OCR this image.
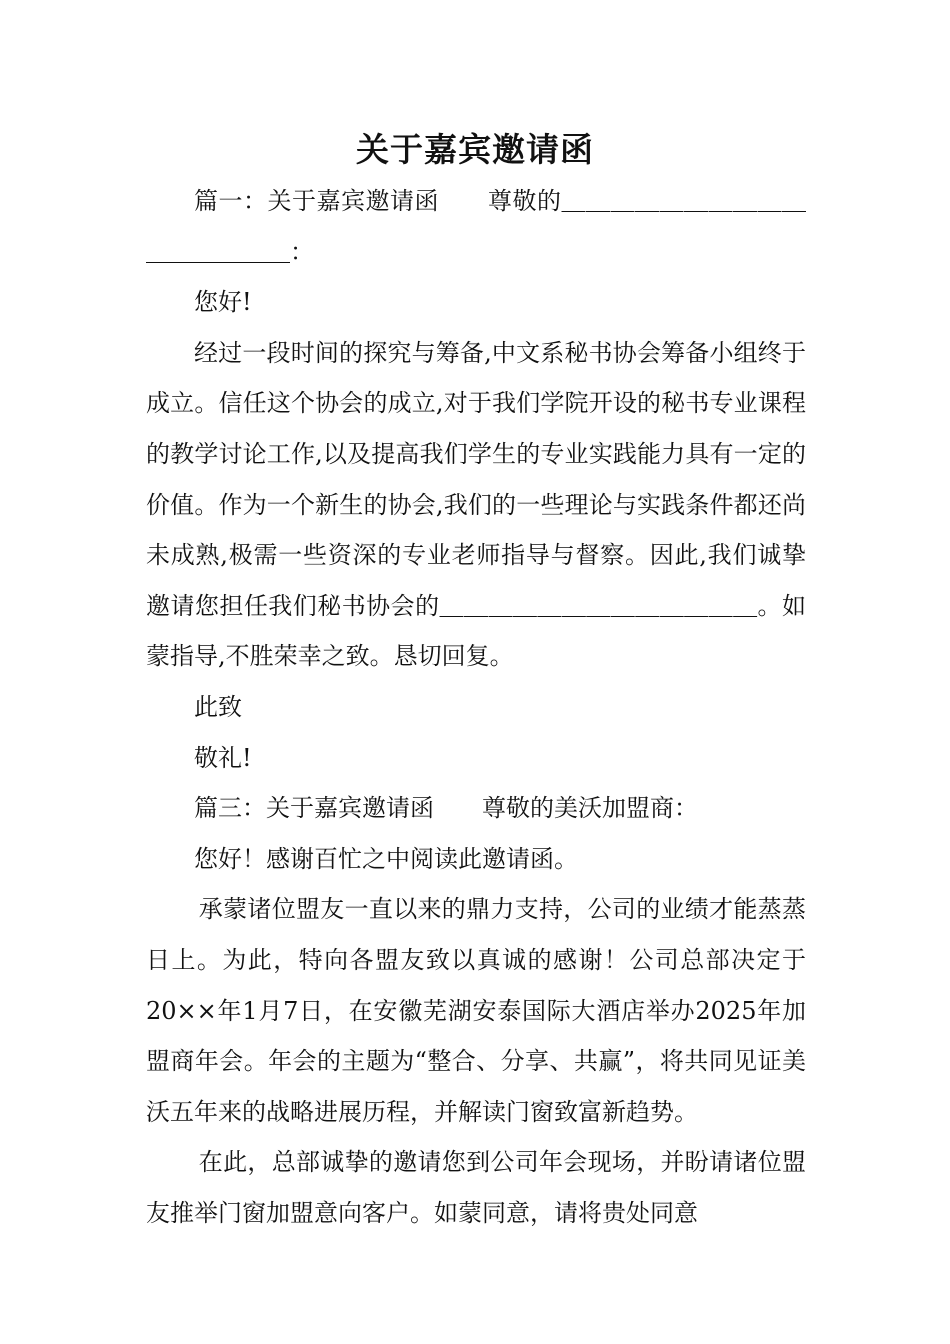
关于嘉宾邀请函

篇一：关于嘉宾邀请函　　尊敬的＿＿＿＿＿＿＿＿＿＿＿＿＿＿＿＿：

您好!

经过一段时间的探究与筹备,中文系秘书协会筹备小组终于成立。信任这个协会的成立,对于我们学院开设的秘书专业课程的教学讨论工作,以及提高我们学生的专业实践能力具有一定的价值。作为一个新生的协会,我们的一些理论与实践条件都还尚未成熟,极需一些资深的专业老师指导与督察。因此,我们诚挚邀请您担任我们秘书协会的＿＿＿＿＿＿＿＿＿＿＿＿＿。如蒙指导,不胜荣幸之致。恳切回复。

此致

敬礼!

篇三：关于嘉宾邀请函　　尊敬的美沃加盟商：

您好！感谢百忙之中阅读此邀请函。

承蒙诸位盟友一直以来的鼎力支持，公司的业绩才能蒸蒸日上。为此，特向各盟友致以真诚的感谢！公司总部决定于20××年1月7日，在安徽芜湖安泰国际大酒店举办2025年加盟商年会。年会的主题为“整合、分享、共赢”，将共同见证美沃五年来的战略进展历程，并解读门窗致富新趋势。

在此，总部诚挚的邀请您到公司年会现场，并盼请诸位盟友推举门窗加盟意向客户。如蒙同意，请将贵处同意
